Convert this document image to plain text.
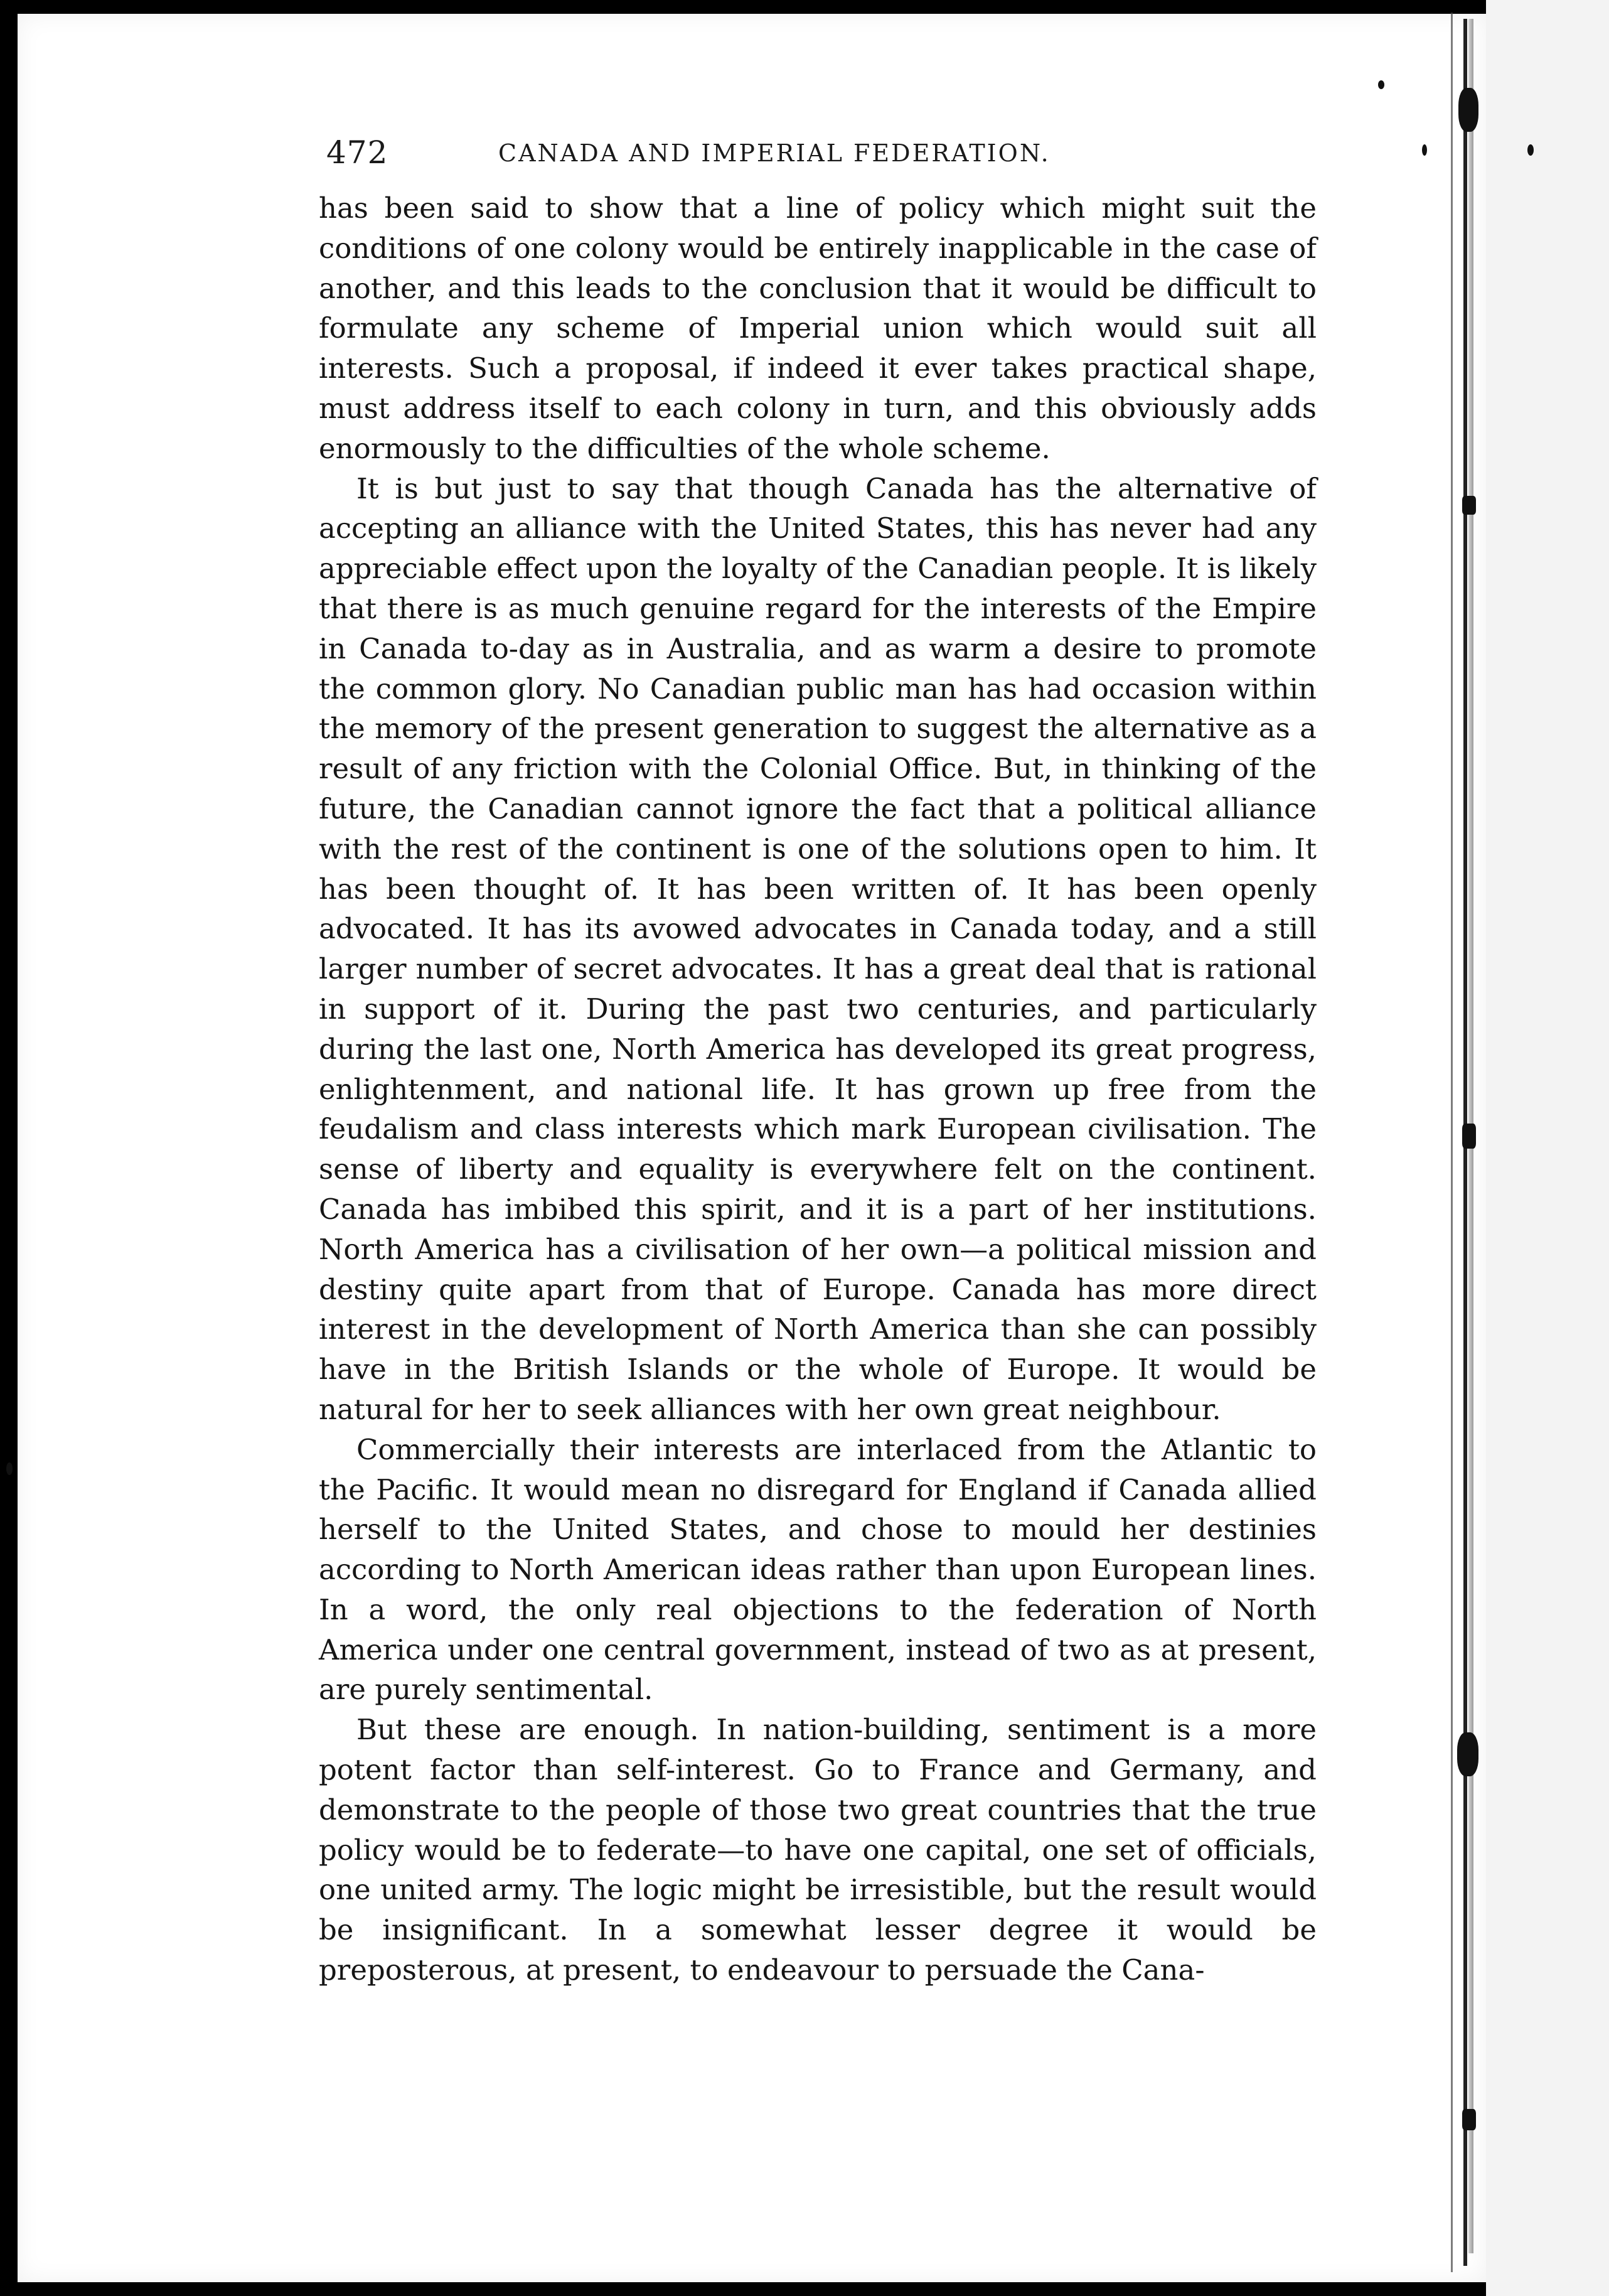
472	CANADA AND IMPERIAL FEDERATION.

has been said to show that a line of policy which might suit the conditions of one colony would be entirely inapplicable in the case of another, and this leads to the conclusion that it would be difficult to formulate any scheme of Imperial union which would suit all interests. Such a proposal, if indeed it ever takes practical shape, must address itself to each colony in turn, and this obviously adds enormously to the difficulties of the whole scheme.

It is but just to say that though Canada has the alternative of accepting an alliance with the United States, this has never had any appreciable effect upon the loyalty of the Canadian people. It is likely that there is as much genuine regard for the interests of the Empire in Canada to-day as in Australia, and as warm a desire to promote the common glory. No Canadian public man has had occasion within the memory of the present generation to suggest the alternative as a result of any friction with the Colonial Office. But, in thinking of the future, the Canadian cannot ignore the fact that a political alliance with the rest of the continent is one of the solutions open to him. It has been thought of. It has been written of. It has been openly advocated. It has its avowed advocates in Canada today, and a still larger number of secret advocates. It has a great deal that is rational in support of it. During the past two centuries, and particularly during the last one, North America has developed its great progress, enlightenment, and national life. It has grown up free from the feudalism and class interests which mark European civilisation. The sense of liberty and equality is everywhere felt on the continent. Canada has imbibed this spirit, and it is a part of her institutions. North America has a civilisation of her own—a political mission and destiny quite apart from that of Europe. Canada has more direct interest in the development of North America than she can possibly have in the British Islands or the whole of Europe. It would be natural for her to seek alliances with her own great neighbour.

Commercially their interests are interlaced from the Atlantic to the Pacific. It would mean no disregard for England if Canada allied herself to the United States, and chose to mould her destinies according to North American ideas rather than upon European lines. In a word, the only real objections to the federation of North America under one central government, instead of two as at present, are purely sentimental.

But these are enough. In nation-building, sentiment is a more potent factor than self-interest. Go to France and Germany, and demonstrate to the people of those two great countries that the true policy would be to federate—to have one capital, one set of officials, one united army. The logic might be irresistible, but the result would be insignificant. In a somewhat lesser degree it would be preposterous, at present, to endeavour to persuade the Cana-
